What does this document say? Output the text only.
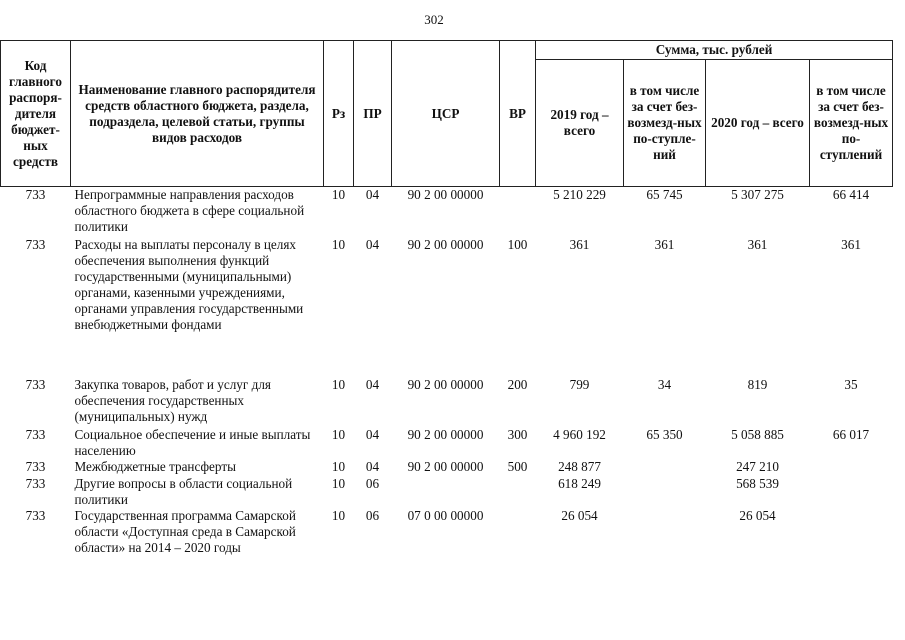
302
Код главного распоря-дителя бюджет-ных средств	Наименование главного распорядителя средств областного бюджета, раздела, подраздела, целевой статьи, группы видов расходов	Рз	ПР	ЦСР	ВР	Сумма, тыс. рублей			
						2019 год – всего	в том числе за счет без-возмезд-ных по-ступле-ний	2020 год – всего	в том числе за счет без-возмезд-ных по-ступлений
733	Непрограммные направления расходов областного бюджета в сфере социальной политики	10	04	90 2 00 00000		5 210 229	65 745	5 307 275	66 414
733	Расходы на выплаты персоналу в целях обеспечения выполнения функций государственными (муниципальными) органами, казенными учреждениями, органами управления государственными внебюджетными фондами	10	04	90 2 00 00000	100	361	361	361	361
733	Закупка товаров, работ и услуг для обеспечения государственных (муниципальных) нужд	10	04	90 2 00 00000	200	799	34	819	35
733	Социальное обеспечение и иные выплаты населению	10	04	90 2 00 00000	300	4 960 192	65 350	5 058 885	66 017
733	Межбюджетные трансферты	10	04	90 2 00 00000	500	248 877		247 210	
733	Другие вопросы в области социальной политики	10	06			618 249		568 539	
733	Государственная программа Самарской области «Доступная среда в Самарской области» на 2014 – 2020 годы	10	06	07 0 00 00000		26 054		26 054	
